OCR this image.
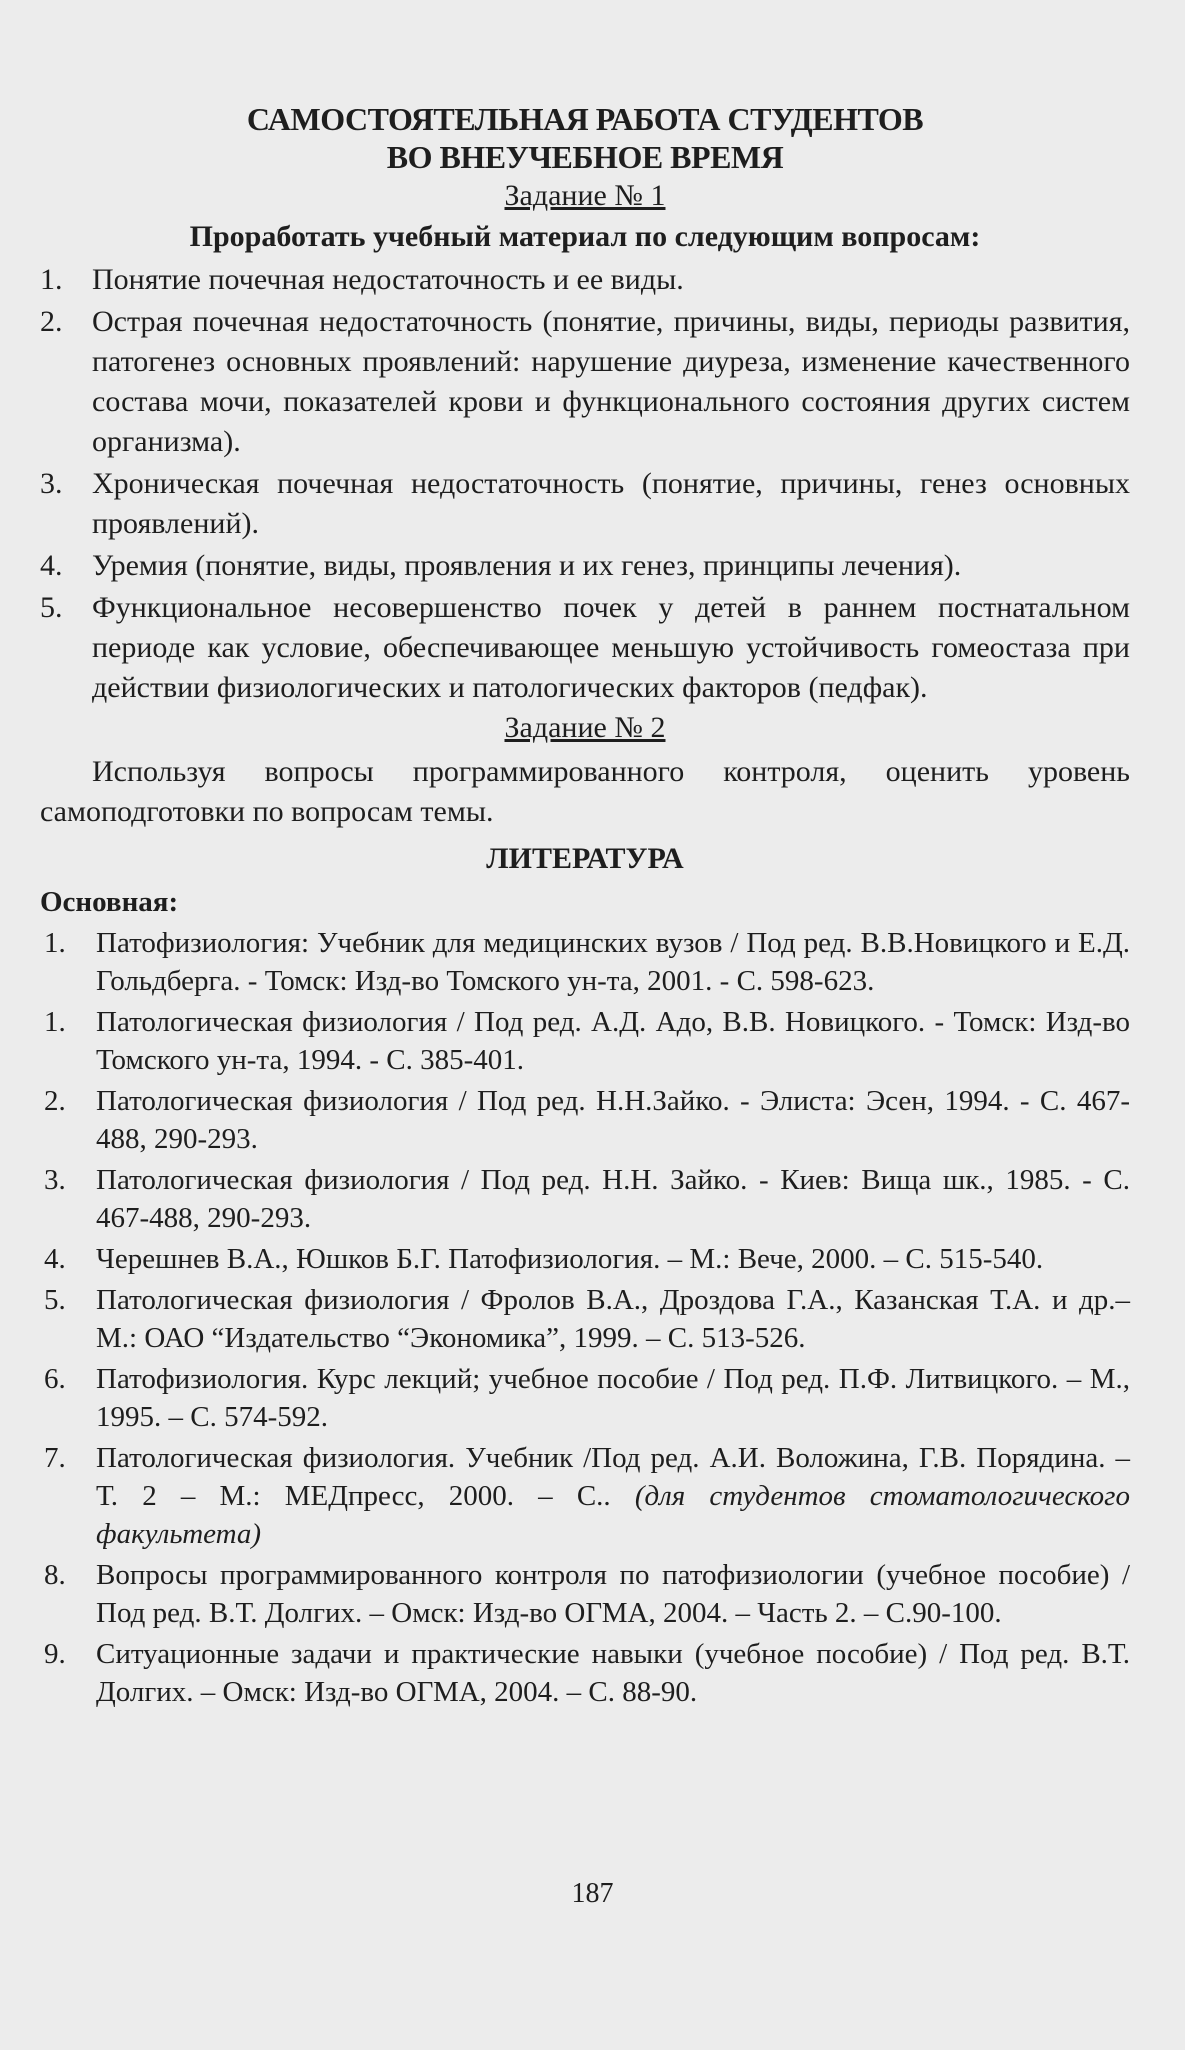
САМОСТОЯТЕЛЬНАЯ РАБОТА СТУДЕНТОВ

ВО ВНЕУЧЕБНОЕ ВРЕМЯ

Задание № 1

Проработать учебный материал по следующим вопросам:

1. Понятие почечная недостаточность и ее виды.
2. Острая почечная недостаточность (понятие, причины, виды, периоды развития, патогенез основных проявлений: нарушение диуреза, изменение качественного состава мочи, показателей крови и функционального состояния других систем организма).
3. Хроническая почечная недостаточность (понятие, причины, генез основных проявлений).
4. Уремия (понятие, виды, проявления и их генез, принципы лечения).
5. Функциональное несовершенство почек у детей в раннем постнатальном периоде как условие, обеспечивающее меньшую устойчивость гомеостаза при действии физиологических и патологических факторов (педфак).

Задание № 2

Используя вопросы программированного контроля, оценить уровень самоподготовки по вопросам темы.

ЛИТЕРАТУРА

Основная:

1. Патофизиология: Учебник для медицинских вузов / Под ред. В.В.Новицкого и Е.Д. Гольдберга. - Томск: Изд-во Томского ун-та, 2001. - С. 598-623.
1. Патологическая физиология / Под ред. А.Д. Адо, В.В. Новицкого. - Томск: Изд-во Томского ун-та, 1994. - С. 385-401.
2. Патологическая физиология / Под ред. Н.Н.Зайко. - Элиста: Эсен, 1994. - С. 467-488, 290-293.
3. Патологическая физиология / Под ред. Н.Н. Зайко. - Киев: Вища шк., 1985. - С. 467-488, 290-293.
4. Черешнев В.А., Юшков Б.Г. Патофизиология. – М.: Вече, 2000. – С. 515-540.
5. Патологическая физиология / Фролов В.А., Дроздова Г.А., Казанская Т.А. и др.– М.: ОАО “Издательство “Экономика”, 1999. – С. 513-526.
6. Патофизиология. Курс лекций; учебное пособие / Под ред. П.Ф. Литвицкого. – М., 1995. – С. 574-592.
7. Патологическая физиология. Учебник /Под ред. А.И. Воложина, Г.В. Порядина. – Т. 2 – М.: МЕДпресс, 2000. – С.. (для студентов стоматологического факультета)
8. Вопросы программированного контроля по патофизиологии (учебное пособие) / Под ред. В.Т. Долгих. – Омск: Изд-во ОГМА, 2004. – Часть 2. – С.90-100.
9. Ситуационные задачи и практические навыки (учебное пособие) / Под ред. В.Т. Долгих. – Омск: Изд-во ОГМА, 2004. – С. 88-90.
187
